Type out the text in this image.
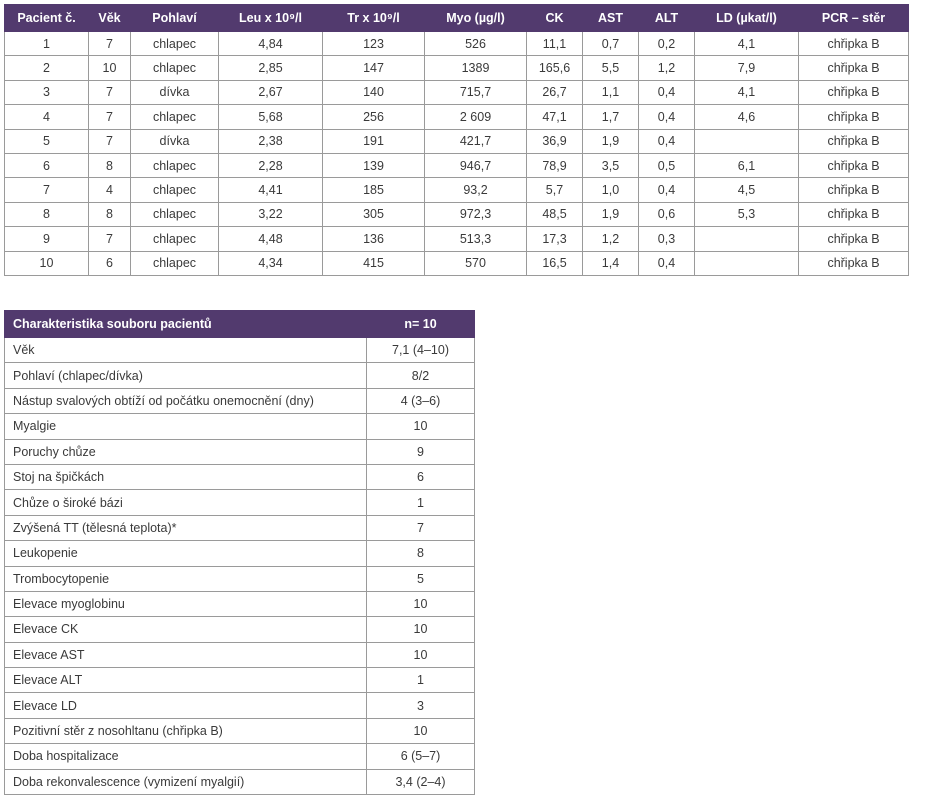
Pacient č.	Věk	Pohlaví	Leu x 10⁹/l	Tr x 10⁹/l	Myo (µg/l)	CK	AST	ALT	LD (µkat/l)	PCR – stěr
1	7	chlapec	4,84	123	526	11,1	0,7	0,2	4,1	chřipka B
2	10	chlapec	2,85	147	1389	165,6	5,5	1,2	7,9	chřipka B
3	7	dívka	2,67	140	715,7	26,7	1,1	0,4	4,1	chřipka B
4	7	chlapec	5,68	256	2 609	47,1	1,7	0,4	4,6	chřipka B
5	7	dívka	2,38	191	421,7	36,9	1,9	0,4		chřipka B
6	8	chlapec	2,28	139	946,7	78,9	3,5	0,5	6,1	chřipka B
7	4	chlapec	4,41	185	93,2	5,7	1,0	0,4	4,5	chřipka B
8	8	chlapec	3,22	305	972,3	48,5	1,9	0,6	5,3	chřipka B
9	7	chlapec	4,48	136	513,3	17,3	1,2	0,3		chřipka B
10	6	chlapec	4,34	415	570	16,5	1,4	0,4		chřipka B
Charakteristika souboru pacientů	n= 10
Věk	7,1 (4–10)
Pohlaví (chlapec/dívka)	8/2
Nástup svalových obtíží od počátku onemocnění (dny)	4 (3–6)
Myalgie	10
Poruchy chůze	9
Stoj na špičkách	6
Chůze o široké bázi	1
Zvýšená TT (tělesná teplota)*	7
Leukopenie	8
Trombocytopenie	5
Elevace myoglobinu	10
Elevace CK	10
Elevace AST	10
Elevace ALT	1
Elevace LD	3
Pozitivní stěr z nosohltanu (chřipka B)	10
Doba hospitalizace	6 (5–7)
Doba rekonvalescence (vymizení myalgií)	3,4 (2–4)
